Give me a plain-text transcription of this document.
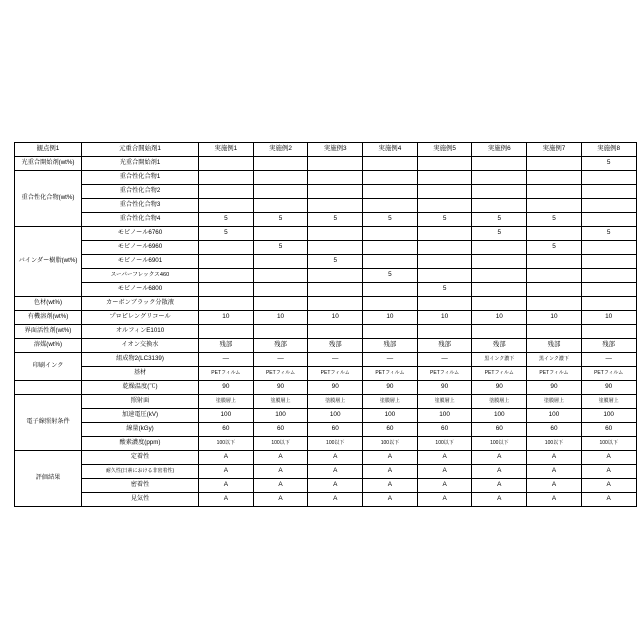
観点例1	元重合開始剤1	実施例1	実施例2	実施例3	実施例4	実施例5	実施例6	実施例7	実施例8
光重合開始剤(wt%)	光重合開始剤1								5
重合性化合物(wt%)	重合性化合物1								
	重合性化合物2								
	重合性化合物3								
	重合性化合物4	5	5	5	5	5	5	5	
バインダー樹脂(wt%)	モビノール6760	5					5		5
	モビノール6960		5					5	
	モビノール6901			5					
	スーパーフレックス460				5				
	モビノール6800					5			
色材(wt%)	カーボンブラック分散液								
有機溶剤(wt%)	プロピレングリコール	10	10	10	10	10	10	10	10
界面活性剤(wt%)	オルフィンE1010								
溶媒(wt%)	イオン交換水	残部	残部	残部	残部	残部	残部	残部	残部
印刷インク	組成物2(LC3139)	—	—	—	—	—	黒インク濃下	黒インク濃下	—
	基材	PETフィルム	PETフィルム	PETフィルム	PETフィルム	PETフィルム	PETフィルム	PETフィルム	PETフィルム
	乾燥温度(℃)	90	90	90	90	90	90	90	90
電子線照射条件	照射面	塗膜層上	塗膜層上	塗膜層上	塗膜層上	塗膜層上	塗膜層上	塗膜層上	塗膜層上
	加速電圧(kV)	100	100	100	100	100	100	100	100
	線量(kGy)	60	60	60	60	60	60	60	60
	酸素濃度(ppm)	100以下	100以下	100以下	100以下	100以下	100以下	100以下	100以下
評価結果	定着性	A	A	A	A	A	A	A	A
	耐久性(日素における非密着性)	A	A	A	A	A	A	A	A
	密着性	A	A	A	A	A	A	A	A
	見気性	A	A	A	A	A	A	A	A
